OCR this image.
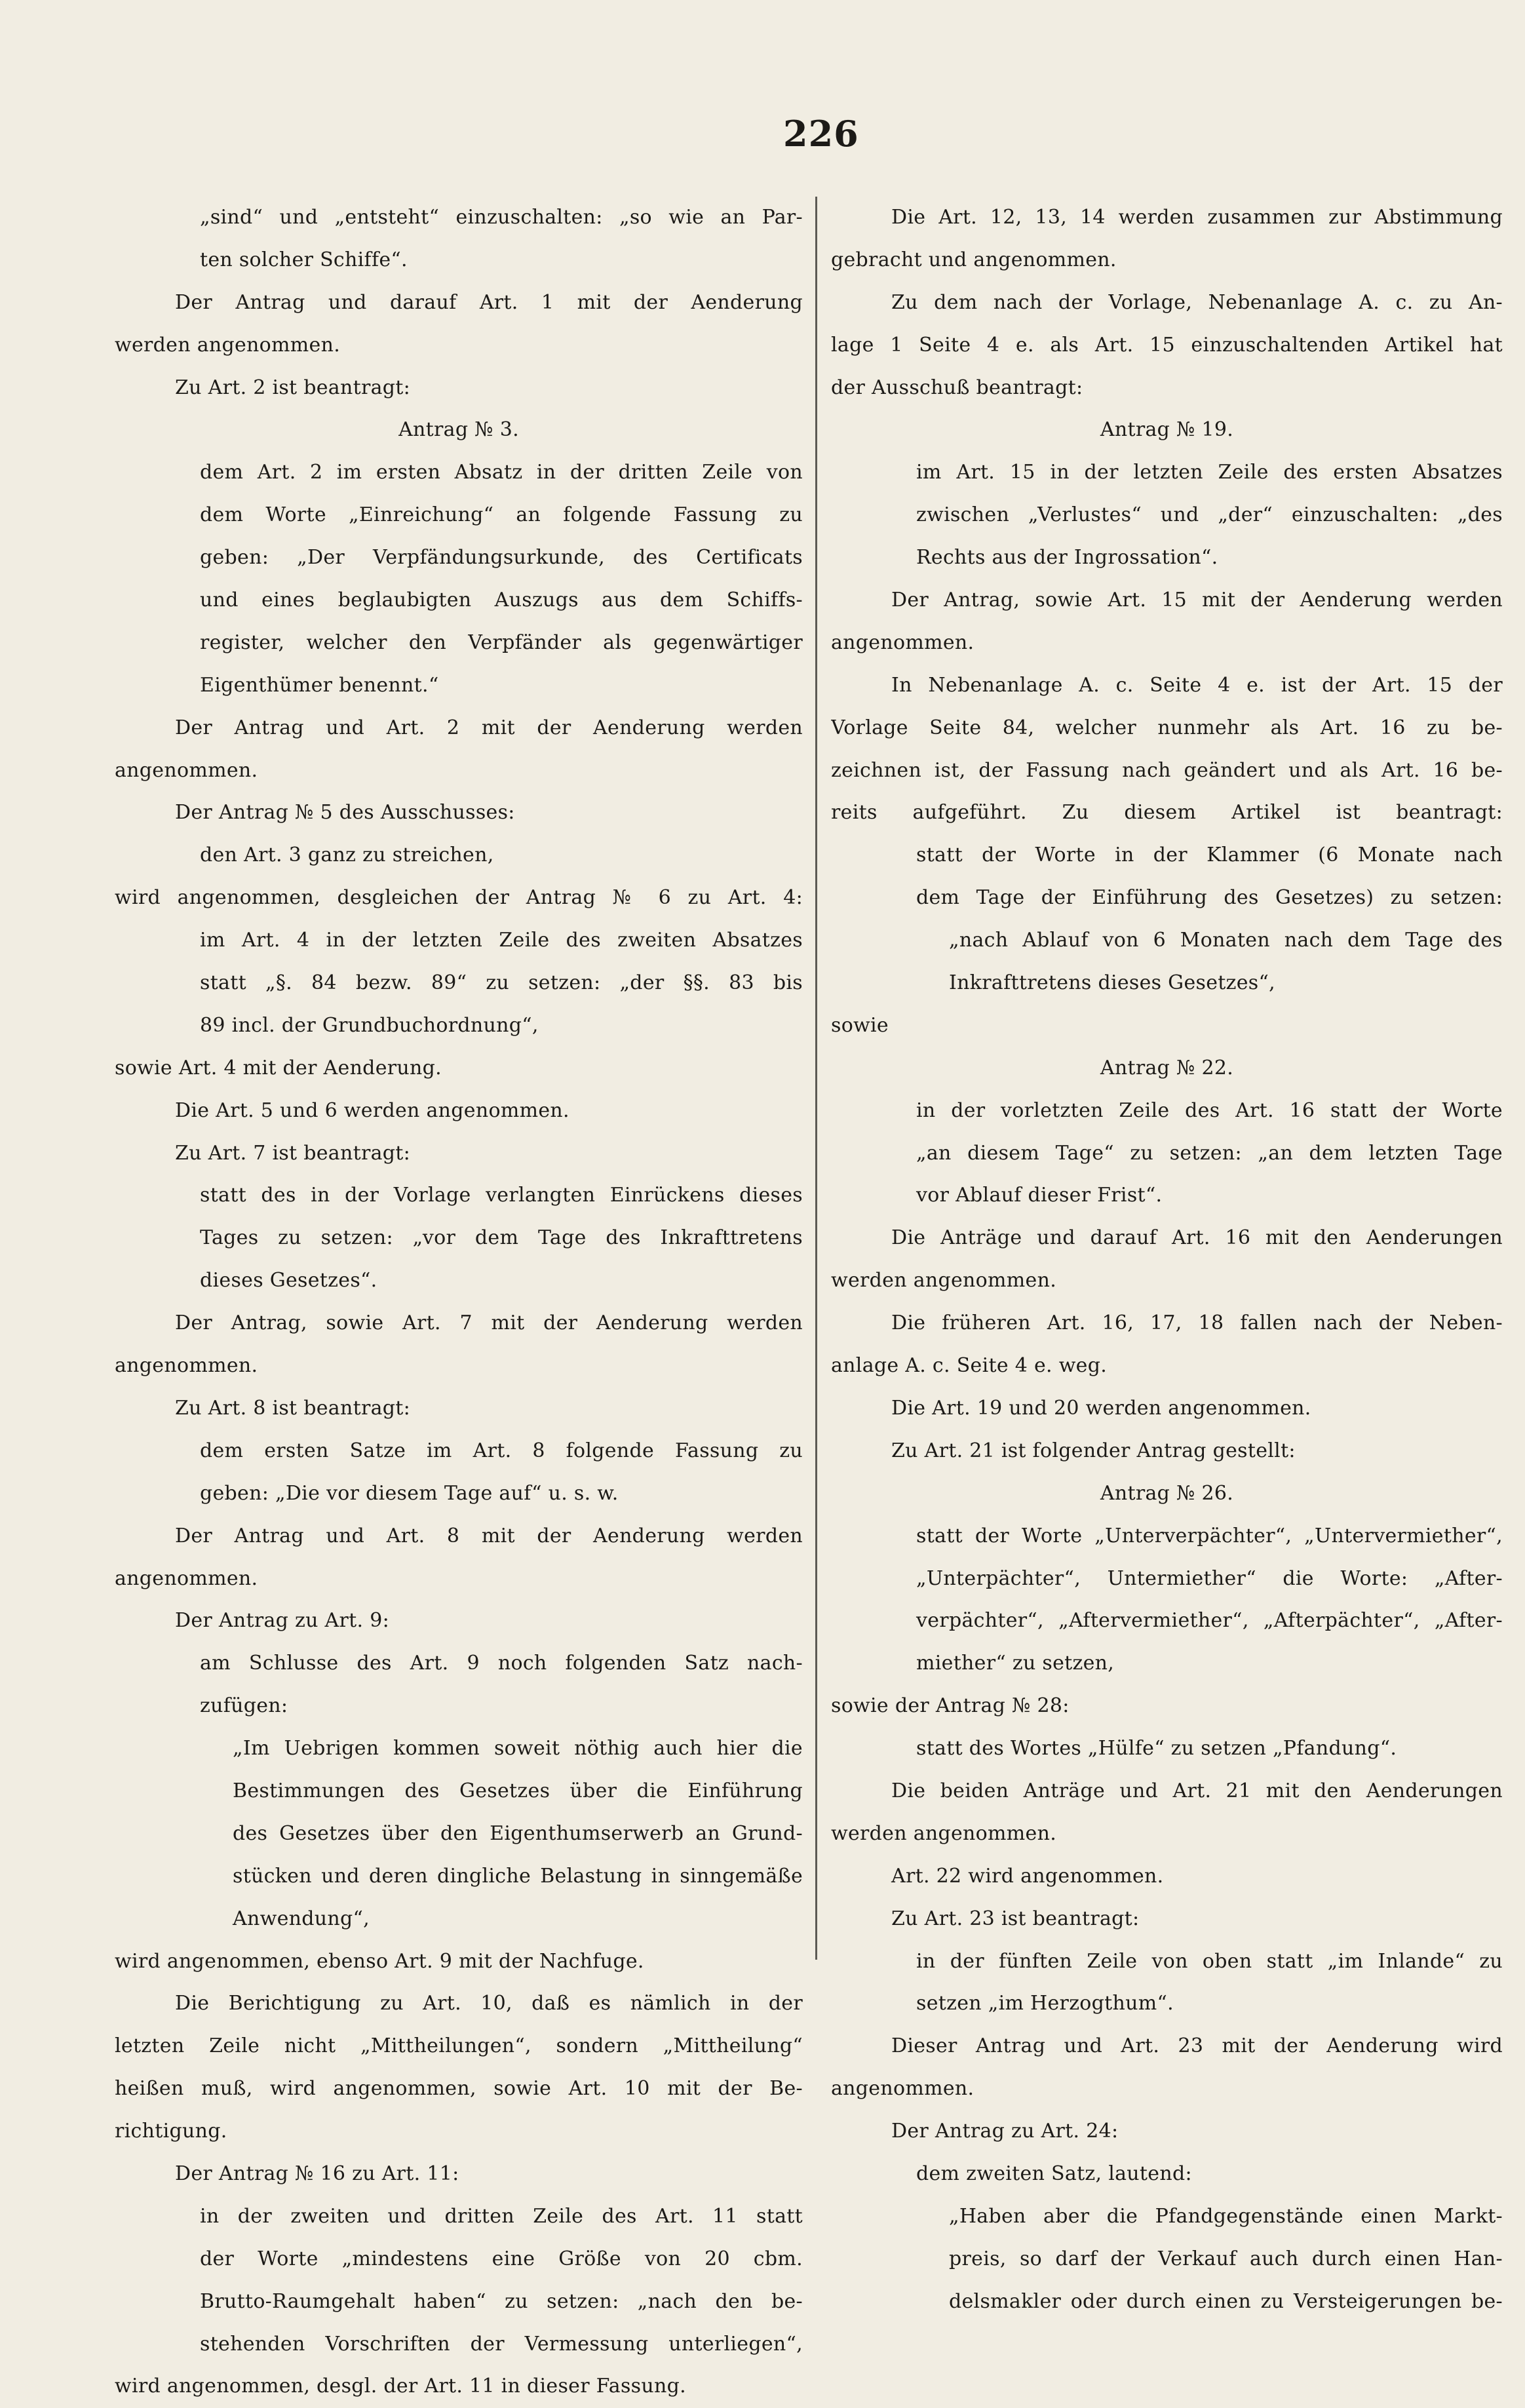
226
„sind“ und „entsteht“ einzuschalten: „so wie an Par-
ten solcher Schiffe“.
Der Antrag und darauf Art. 1 mit der Aenderung
werden angenommen.
Zu Art. 2 ist beantragt:
Antrag № 3.
dem Art. 2 im ersten Absatz in der dritten Zeile von
dem Worte „Einreichung“ an folgende Fassung zu
geben: „Der Verpfändungsurkunde, des Certificats
und eines beglaubigten Auszugs aus dem Schiffs-
register, welcher den Verpfänder als gegenwärtiger
Eigenthümer benennt.“
Der Antrag und Art. 2 mit der Aenderung werden
angenommen.
Der Antrag № 5 des Ausschusses:
den Art. 3 ganz zu streichen,
wird angenommen, desgleichen der Antrag № 6 zu Art. 4:
im Art. 4 in der letzten Zeile des zweiten Absatzes
statt „§. 84 bezw. 89“ zu setzen: „der §§. 83 bis
89 incl. der Grundbuchordnung“,
sowie Art. 4 mit der Aenderung.
Die Art. 5 und 6 werden angenommen.
Zu Art. 7 ist beantragt:
statt des in der Vorlage verlangten Einrückens dieses
Tages zu setzen: „vor dem Tage des Inkrafttretens
dieses Gesetzes“.
Der Antrag, sowie Art. 7 mit der Aenderung werden
angenommen.
Zu Art. 8 ist beantragt:
dem ersten Satze im Art. 8 folgende Fassung zu
geben: „Die vor diesem Tage auf“ u. s. w.
Der Antrag und Art. 8 mit der Aenderung werden
angenommen.
Der Antrag zu Art. 9:
am Schlusse des Art. 9 noch folgenden Satz nach-
zufügen:
„Im Uebrigen kommen soweit nöthig auch hier die
Bestimmungen des Gesetzes über die Einführung
des Gesetzes über den Eigenthumserwerb an Grund-
stücken und deren dingliche Belastung in sinngemäße
Anwendung“,
wird angenommen, ebenso Art. 9 mit der Nachfuge.
Die Berichtigung zu Art. 10, daß es nämlich in der
letzten Zeile nicht „Mittheilungen“, sondern „Mittheilung“
heißen muß, wird angenommen, sowie Art. 10 mit der Be-
richtigung.
Der Antrag № 16 zu Art. 11:
in der zweiten und dritten Zeile des Art. 11 statt
der Worte „mindestens eine Größe von 20 cbm.
Brutto-Raumgehalt haben“ zu setzen: „nach den be-
stehenden Vorschriften der Vermessung unterliegen“,
wird angenommen, desgl. der Art. 11 in dieser Fassung.
Die Art. 12, 13, 14 werden zusammen zur Abstimmung
gebracht und angenommen.
Zu dem nach der Vorlage, Nebenanlage A. c. zu An-
lage 1 Seite 4 e. als Art. 15 einzuschaltenden Artikel hat
der Ausschuß beantragt:
Antrag № 19.
im Art. 15 in der letzten Zeile des ersten Absatzes
zwischen „Verlustes“ und „der“ einzuschalten: „des
Rechts aus der Ingrossation“.
Der Antrag, sowie Art. 15 mit der Aenderung werden
angenommen.
In Nebenanlage A. c. Seite 4 e. ist der Art. 15 der
Vorlage Seite 84, welcher nunmehr als Art. 16 zu be-
zeichnen ist, der Fassung nach geändert und als Art. 16 be-
reits aufgeführt. Zu diesem Artikel ist beantragt:
statt der Worte in der Klammer (6 Monate nach
dem Tage der Einführung des Gesetzes) zu setzen:
„nach Ablauf von 6 Monaten nach dem Tage des
Inkrafttretens dieses Gesetzes“,
sowie
Antrag № 22.
in der vorletzten Zeile des Art. 16 statt der Worte
„an diesem Tage“ zu setzen: „an dem letzten Tage
vor Ablauf dieser Frist“.
Die Anträge und darauf Art. 16 mit den Aenderungen
werden angenommen.
Die früheren Art. 16, 17, 18 fallen nach der Neben-
anlage A. c. Seite 4 e. weg.
Die Art. 19 und 20 werden angenommen.
Zu Art. 21 ist folgender Antrag gestellt:
Antrag № 26.
statt der Worte „Unterverpächter“, „Untervermiether“,
„Unterpächter“, Untermiether“ die Worte: „After-
verpächter“, „Aftervermiether“, „Afterpächter“, „After-
miether“ zu setzen,
sowie der Antrag № 28:
statt des Wortes „Hülfe“ zu setzen „Pfandung“.
Die beiden Anträge und Art. 21 mit den Aenderungen
werden angenommen.
Art. 22 wird angenommen.
Zu Art. 23 ist beantragt:
in der fünften Zeile von oben statt „im Inlande“ zu
setzen „im Herzogthum“.
Dieser Antrag und Art. 23 mit der Aenderung wird
angenommen.
Der Antrag zu Art. 24:
dem zweiten Satz, lautend:
„Haben aber die Pfandgegenstände einen Markt-
preis, so darf der Verkauf auch durch einen Han-
delsmakler oder durch einen zu Versteigerungen be-
